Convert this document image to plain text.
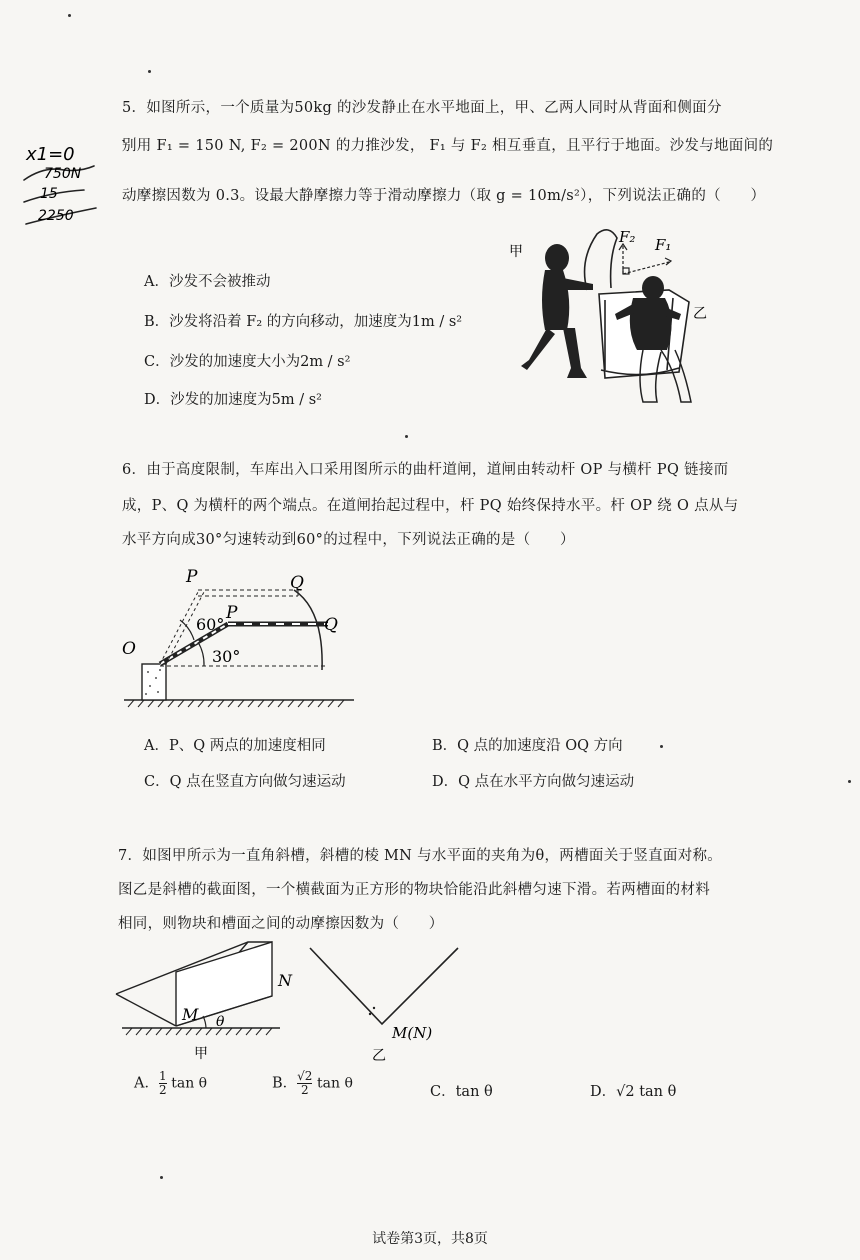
x1=0
750N
15
2250
5．如图所示，一个质量为50kg 的沙发静止在水平地面上，甲、乙两人同时从背面和侧面分
别用 F₁ = 150 N, F₂ = 200N 的力推沙发， F₁ 与 F₂ 相互垂直，且平行于地面。沙发与地面间的
动摩擦因数为 0.3。设最大静摩擦力等于滑动摩擦力（取 g = 10m/s²），下列说法正确的（　　）
A．沙发不会被推动
B．沙发将沿着 F₂ 的方向移动，加速度为1m / s²
C．沙发的加速度大小为2m / s²
D．沙发的加速度为5m / s²
F₂ F₁
甲
乙
6．由于高度限制，车库出入口采用图所示的曲杆道闸，道闸由转动杆 OP 与横杆 PQ 链接而
成，P、Q 为横杆的两个端点。在道闸抬起过程中，杆 PQ 始终保持水平。杆 OP 绕 O 点从与
水平方向成30°匀速转动到60°的过程中，下列说法正确的是（　　）
O
P
P
Q
Q
60°
30°
A．P、Q 两点的加速度相同	B．Q 点的加速度沿 OQ 方向
C．Q 点在竖直方向做匀速运动	D．Q 点在水平方向做匀速运动
7．如图甲所示为一直角斜槽，斜槽的棱 MN 与水平面的夹角为θ，两槽面关于竖直面对称。
图乙是斜槽的截面图，一个横截面为正方形的物块恰能沿此斜槽匀速下滑。若两槽面的材料
相同，则物块和槽面之间的动摩擦因数为（　　）
N
M θ
甲
M(N)
乙
A． $\frac{1}{2}$ tan θ	B． $\frac{√2}{2}$ tan θ
C．tan θ	D．√2 tan θ
试卷第3页，共8页
